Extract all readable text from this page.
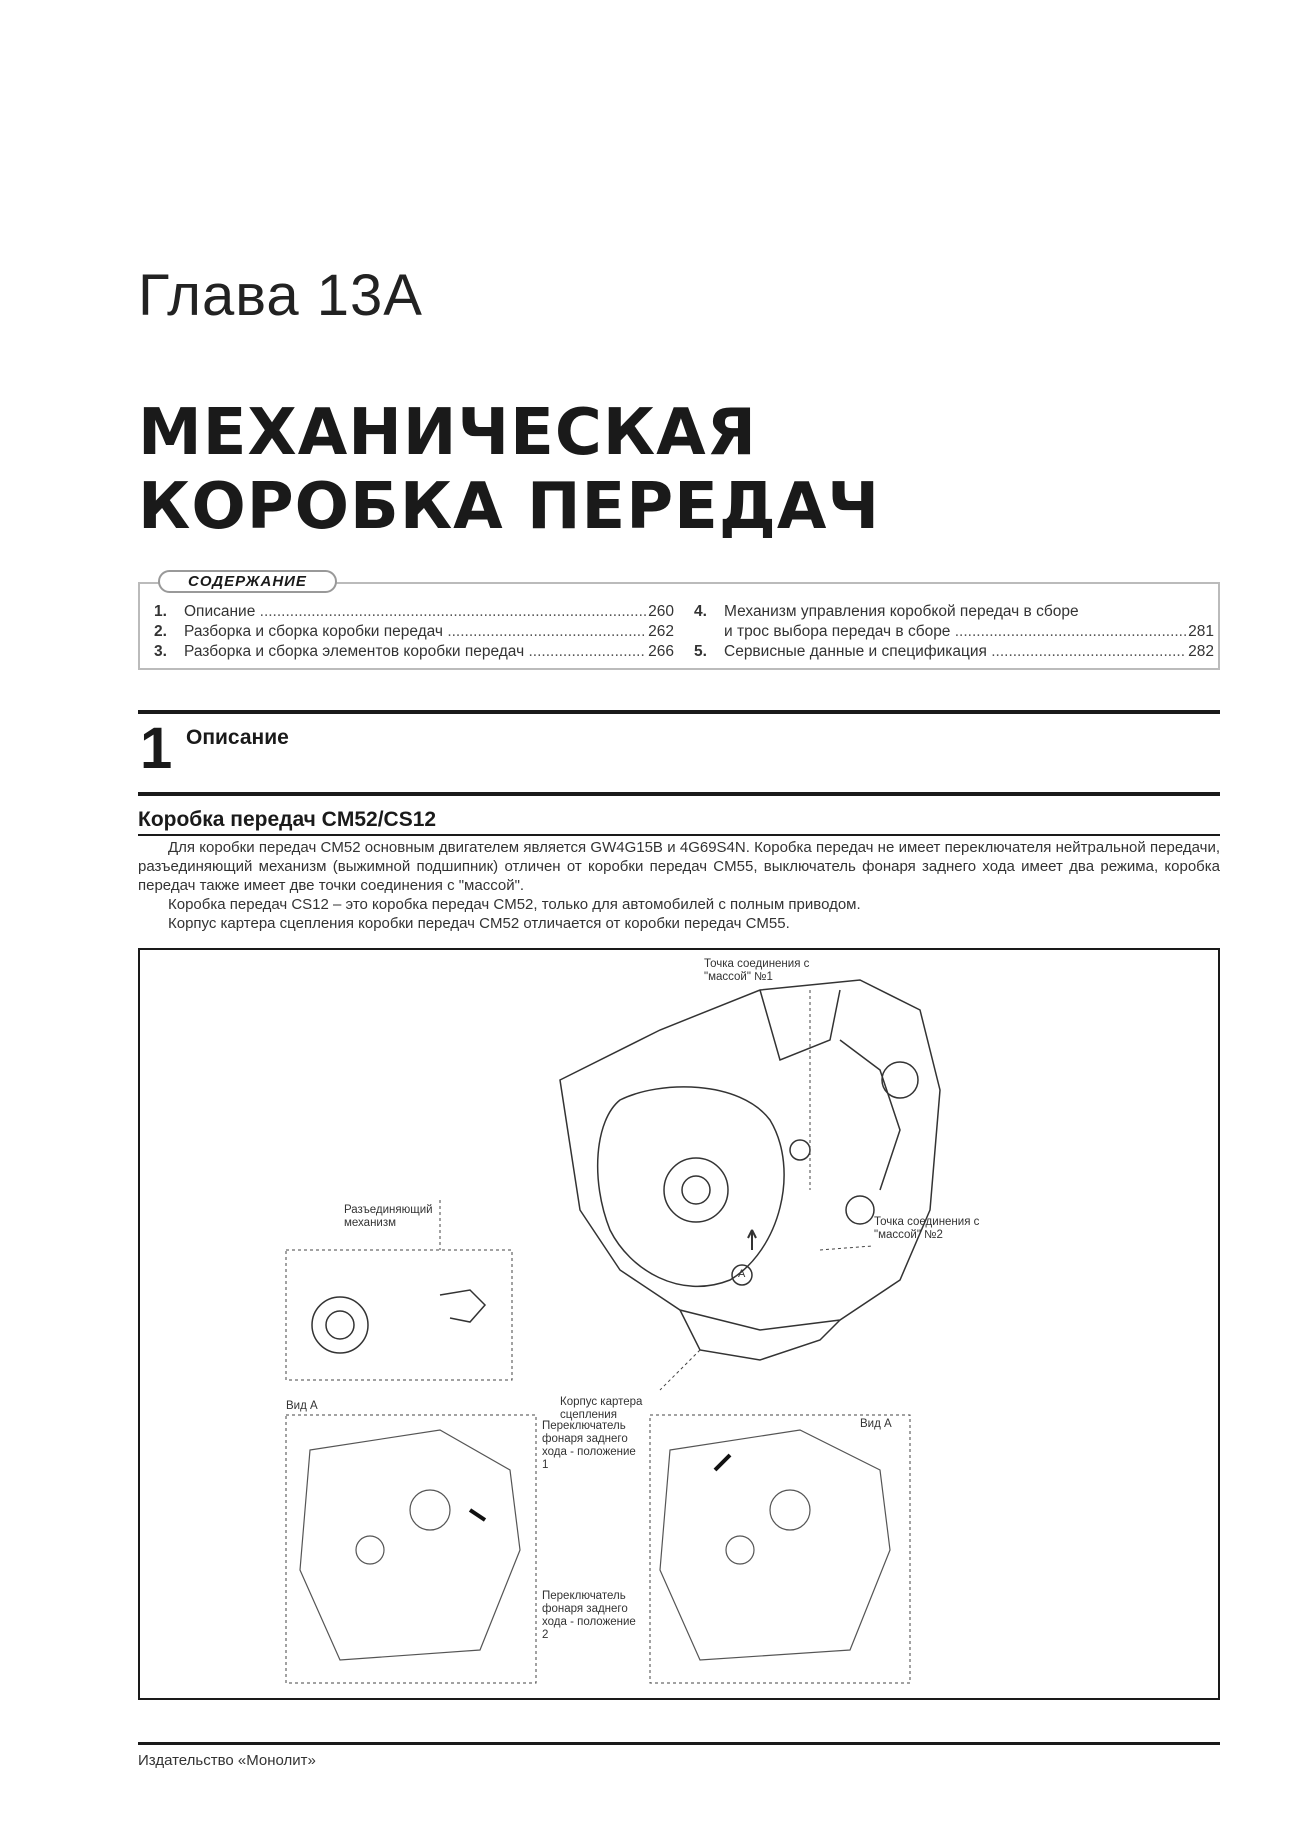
Глава 13А
МЕХАНИЧЕСКАЯ
КОРОБКА ПЕРЕДАЧ
СОДЕРЖАНИЕ
1.	Описание .....	260
2.	Разборка и сборка коробки передач .....	262
3.	Разборка и сборка элементов коробки передач .....	266
4.	Механизм управления коробкой передач в сборе
и трос выбора передач в сборе .....	281
5.	Сервисные данные и спецификация .....	282
1 Описание
Коробка передач CM52/CS12

Для коробки передач CM52 основным двигателем является GW4G15B и 4G69S4N. Коробка передач не имеет переключателя нейтральной передачи, разъединяющий механизм (выжимной подшипник) отличен от коробки передач CM55, выключатель фонаря заднего хода имеет два режима, коробка передач также имеет две точки соединения с "массой".

Коробка передач CS12 – это коробка передач CM52, только для автомобилей с полным приводом.

Корпус картера сцепления коробки передач CM52 отличается от коробки передач CM55.

Точка соединения с "массой" №1
Точка соединения с "массой" №2
Разъединяющий механизм
Корпус картера сцепления
A
Вид А
Вид А
Переключатель фонаря заднего хода - положение 1
Переключатель фонаря заднего хода - положение 2
Издательство «Монолит»
